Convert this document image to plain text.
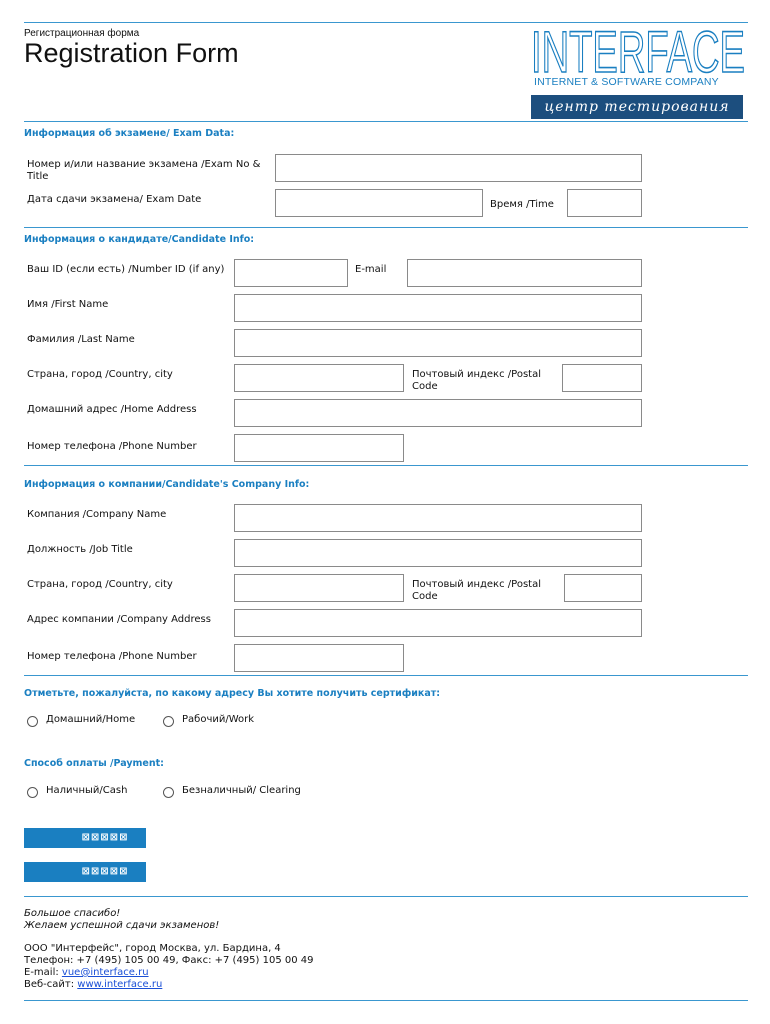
Регистрационная форма
Registration Form	INTERFACE
INTERNET & SOFTWARE COMPANY
центр тестирования
Информация об экзамене/ Exam Data:
Номер и/или название экзамена /Exam No & Title
Дата сдачи экзамена/ Exam Date	Время /Time
Информация о кандидате/Candidate Info:
Ваш ID (если есть) /Number ID (if any)	E-mail
Имя /First Name
Фамилия /Last Name
Страна, город /Country, city	Почтовый индекс /Postal Code
Домашний адрес /Home Address
Номер телефона /Phone Number
Информация о компании/Candidate's Company Info:
Компания /Company Name
Должность /Job Title
Страна, город /Country, city	Почтовый индекс /Postal Code
Адрес компании /Company Address
Номер телефона /Phone Number
Отметьте, пожалуйста, по какому адресу Вы хотите получить сертификат:
Домашний/Home	Рабочий/Work
Способ оплаты /Payment:
Наличный/Cash	Безналичный/ Clearing
⊠⊠⊠⊠⊠
⊠⊠⊠⊠⊠
Большое спасибо!
Желаем успешной сдачи экзаменов!
ООО "Интерфейс", город Москва, ул. Бардина, 4
Телефон: +7 (495) 105 00 49, Факс: +7 (495) 105 00 49
E-mail: vue@interface.ru
Веб-сайт: www.interface.ru
